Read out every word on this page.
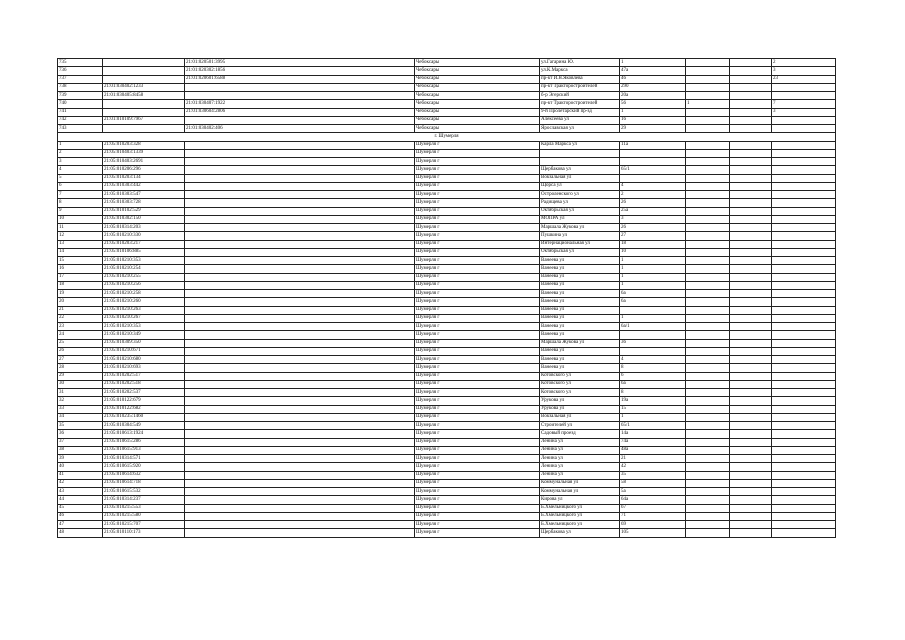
735		21:01:020501:3995	Чебоксары	ул.Гагарина Ю.	1			2
736		21:01:020302:1856	Чебоксары	ул.К.Маркса	47а			3
737		21:01:020601:6588	Чебоксары	пр-кт И.Я.Яковлева	46			23
738	21:01:030402:1233		Чебоксары	пр-кт Тракторостроителей	290			
739	21:01:030405:8458		Чебоксары	б-р Эгерский	20а			
740		21:01:030407:1922	Чебоксары	пр-кт Тракторостроителей	56	1		7
741		21:01:030604:2806	Чебоксары	9-й Пролетарский пр-зд	1			3
742	21:01:010109:7967		Чебоксары	Алексеева ул	16			
743		21:01:030402:406	Чебоксары	Ярославская ул	29			
г. Шумерля								
1	21:05:010203:328		Шумерля г	Карла Маркса ул	11а			
2	21:05:010403:1339		Шумерля г					
3	21:05:010403:2691		Шумерля г					
4	21:05:010206:296		Шумерля г	Щербакова ул	65/1			
5	21:05:010203:134		Шумерля г	Вокзальная ул				
6	21:05:010303:442		Шумерля г	Щорса ул	4			
7	21:05:010303:547		Шумерля г	Остроленского ул	2			
8	21:05:010303:728		Шумерля г	Радищева ул	26			
9	21:05:010102:529		Шумерля г	Октябрьская ул	25а			
10	21:05:010302:150		Шумерля г	МОПРА ул	3			
11	21:05:010314:203		Шумерля г	Маршала Жукова ул	26			
12	21:05:010210:330		Шумерля г	Пушкина ул	27			
13	21:05:010203:217		Шумерля г	Интернациональная ул	18			
14	21:05:010106:885		Шумерля г	Октябрьская ул	10			
15	21:05:010210:353		Шумерля г	Ванеева ул	1			
16	21:05:010210:254		Шумерля г	Ванеева ул	1			
17	21:05:010210:255		Шумерля г	Ванеева ул	1			
18	21:05:010210:256		Шумерля г	Ванеева ул	1			
19	21:05:010210:258		Шумерля г	Ванеева ул	6а			
20	21:05:010210:260		Шумерля г	Ванеева ул	6а			
21	21:05:010210:263		Шумерля г	Ванеева ул				
22	21:05:010210:267		Шумерля г	Ванеева ул	1			
23	21:05:010210:353		Шумерля г	Ванеева ул	6а/1			
24	21:05:010210:349		Шумерля г	Ванеева ул				
25	21:05:010309:350		Шумерля г	Маршала Жукова ул	36			
26	21:05:010210:671		Шумерля г	Ванеева ул				
27	21:05:010210:680		Шумерля г	Ванеева ул	4			
28	21:05:010210:693		Шумерля г	Ванеева ул	8			
29	21:05:010202:517		Шумерля г	Котовского ул	6			
30	21:05:010202:518		Шумерля г	Котовского ул	6а			
31	21:05:010202:537		Шумерля г	Котовского ул	8			
32	21:05:010122:679		Шумерля г	Урукова ул	19а			
33	21:05:010122:682		Шумерля г	Урукова ул	15			
34	21:05:010235:1460		Шумерля г	Вокзальная ул	1			
35	21:05:010304:549		Шумерля г	Строителей ул	65/1			
36	21:05:010613:1924		Шумерля г	Садовый проезд	14а			
37	21:05:010615:286		Шумерля г	Ленина ул	74а			
38	21:05:010615:913		Шумерля г	Ленина ул	48а			
39	21:05:010314:571		Шумерля г	Ленина ул	21			
40	21:05:010615:920		Шумерля г	Ленина ул	42			
41	21:05:010614:632		Шумерля г	Ленина ул	35			
42	21:05:010614:718		Шумерля г	Коммунальная ул	58			
43	21:05:010615:532		Шумерля г	Коммунальная ул	5а			
44	21:05:010314:237		Шумерля г	Кирова ул	64а			
45	21:05:010215:553		Шумерля г	Б.Хмельницкого ул	67			
46	21:05:010215:580		Шумерля г	Б.Хмельницкого ул	71			
47	21:05:010215:707		Шумерля г	Б.Хмельницкого ул	69			
48	21:05:010110:173		Шумерля г	Щербакова ул	105			
